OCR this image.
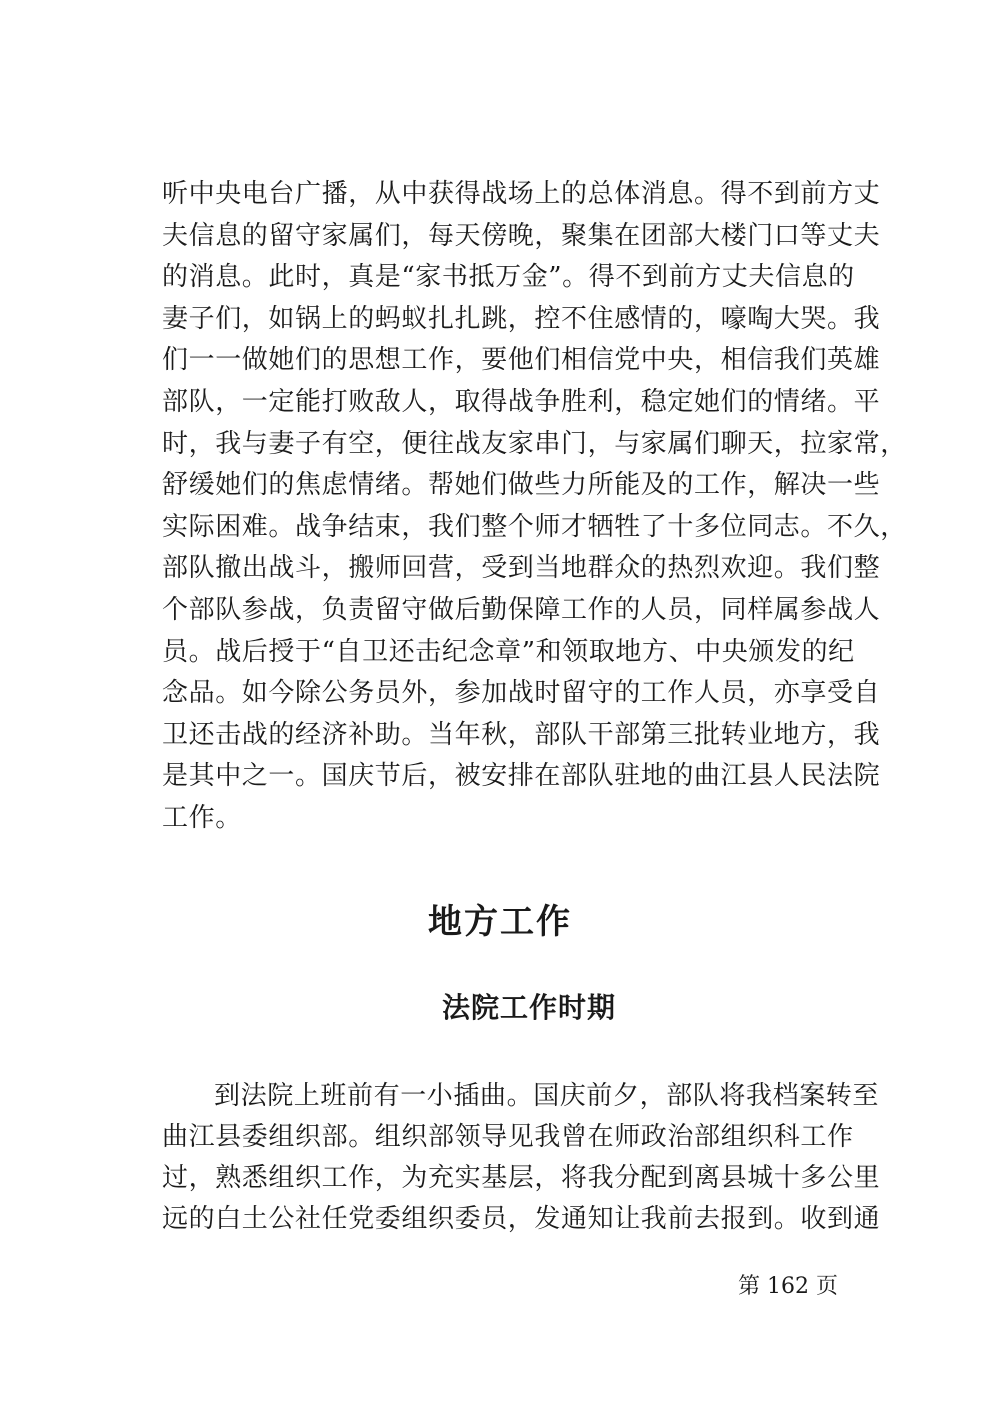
听中央电台广播，从中获得战场上的总体消息。得不到前方丈
夫信息的留守家属们，每天傍晚，聚集在团部大楼门口等丈夫
的消息。此时，真是“家书抵万金”。得不到前方丈夫信息的
妻子们，如锅上的蚂蚁扎扎跳，控不住感情的，嚎啕大哭。我
们一一做她们的思想工作，要他们相信党中央，相信我们英雄
部队，一定能打败敌人，取得战争胜利，稳定她们的情绪。平
时，我与妻子有空，便往战友家串门，与家属们聊天，拉家常，
舒缓她们的焦虑情绪。帮她们做些力所能及的工作，解决一些
实际困难。战争结束，我们整个师才牺牲了十多位同志。不久，
部队撤出战斗，搬师回营，受到当地群众的热烈欢迎。我们整
个部队参战，负责留守做后勤保障工作的人员，同样属参战人
员。战后授于“自卫还击纪念章”和领取地方、中央颁发的纪
念品。如今除公务员外，参加战时留守的工作人员，亦享受自
卫还击战的经济补助。当年秋，部队干部第三批转业地方，我
是其中之一。国庆节后，被安排在部队驻地的曲江县人民法院
工作。
地方工作
法院工作时期
到法院上班前有一小插曲。国庆前夕，部队将我档案转至
曲江县委组织部。组织部领导见我曾在师政治部组织科工作
过，熟悉组织工作，为充实基层，将我分配到离县城十多公里
远的白土公社任党委组织委员，发通知让我前去报到。收到通

第 162 页
